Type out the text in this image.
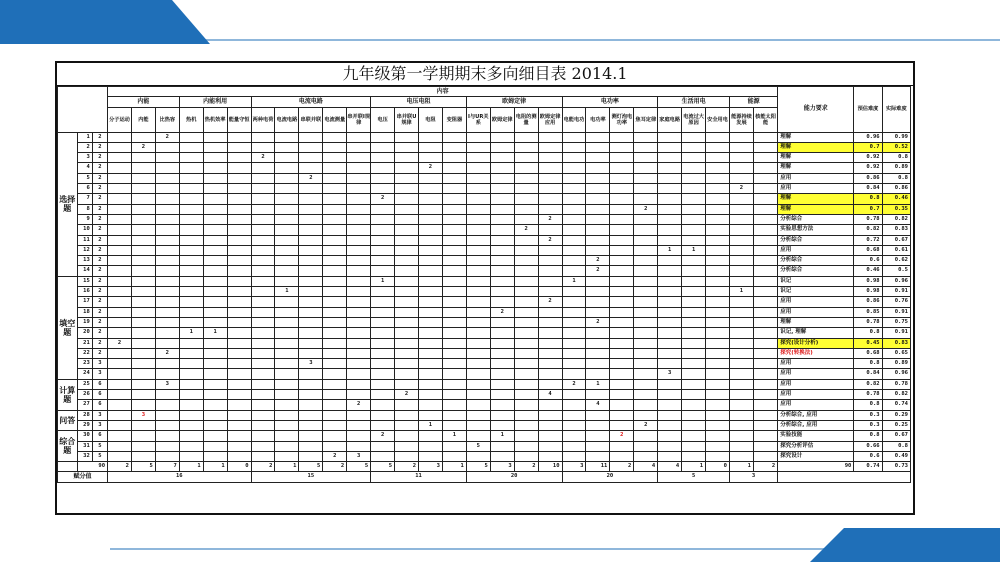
九年级第一学期期末多向细目表 2014.1
			内容																												能力要求	预估难度	实际难度
			内能			内能利用			电流电路					电压电阻				欧姆定律				电功率				生活用电			能源				
			分子运动	内能	比热容	热机	热机效率	能量守恒	两种电荷	电流电路	串联并联	电流测量	串并联I规律	电压	串并联U规律	电阻	变阻器	I与UR关系	欧姆定律	电阻的测量	欧姆定律应用	电能电功	电功率	测灯泡电功率	焦耳定律	家庭电路	电流过大原因	安全用电	能源持续发展	核能太阳能			
选择题	1	2			2																										理解	0.96	0.99
	2	2		2																											理解	0.7	0.52
	3	2							2																						理解	0.92	0.8
	4	2														2															理解	0.92	0.89
	5	2									2																				应用	0.86	0.8
	6	2																											2		应用	0.84	0.86
	7	2												2																	理解	0.8	0.46
	8	2																							2						理解	0.7	0.35
	9	2																			2										分析综合	0.78	0.82
	10	2																		2											实验思想方法	0.82	0.83
	11	2																			2										分析综合	0.72	0.67
	12	2																								1	1				应用	0.68	0.61
	13	2																					2								分析综合	0.6	0.62
	14	2																					2								分析综合	0.46	0.5
填空题	15	2												1								1									识记	0.98	0.96
	16	2								1																			1		识记	0.98	0.91
	17	2																			2										应用	0.86	0.76
	18	2																	2												应用	0.85	0.91
	19	2																					2								理解	0.78	0.75
	20	2				1	1																								识记, 理解	0.8	0.91
	21	2	2																												探究(设计分析)	0.45	0.83
	22	2			2																										探究(转换法)	0.68	0.65
	23	3									3																				应用	0.8	0.89
	24	3																								3					应用	0.84	0.96
计算题	25	6			3																	2	1								应用	0.82	0.78
	26	6													2						4										应用	0.78	0.82
	27	6											2										4								应用	0.8	0.74
问答	28	3		3																											分析综合, 应用	0.3	0.29
	29	3														1									2						分析综合, 应用	0.3	0.25
综合题	30	6												2			1		1					2							实验技能	0.8	0.67
	31	5																5													探究分析评估	0.66	0.8
	32	5										2	3																		探究设计	0.6	0.49
	90		2	5	7	1	1	0	2	1	5	2	5	5	2	3	1	5	3	2	10	3	11	2	4	4	1	0	1	2	90	0.74	0.73
赋分值			16						15					11				20				20				5			3				
